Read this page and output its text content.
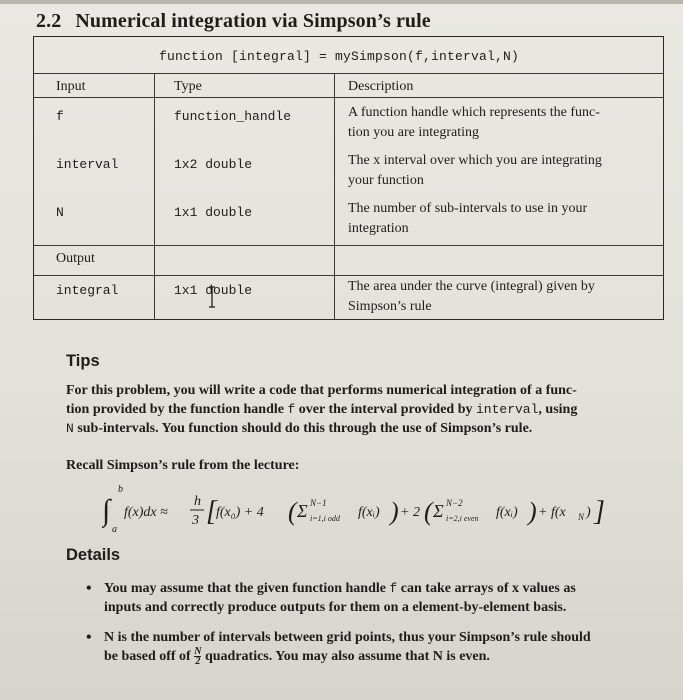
2.2 Numerical integration via Simpson’s rule
function [integral] = mySimpson(f,interval,N)
Input	Type	Description
f	function_handle	A function handle which represents the func-
tion you are integrating
interval	1x2 double	The x interval over which you are integrating
your function
N	1x1 double	The number of sub-intervals to use in your
integration
Output
integral	1x1 double	The area under the curve (integral) given by
Simpson’s rule
Tips
For this problem, you will write a code that performs numerical integration of a func-
tion provided by the function handle f over the interval provided by interval, using
N sub-intervals. You function should do this through the use of Simpson’s rule.
Recall Simpson’s rule from the lecture:
∫
b
a
f(x)dx ≈
h
3 [ f(x₀) + 4 ( Σ N−1
i=1,i odd f(xᵢ) ) + 2 ( Σ N−2
i=2,i even f(xᵢ) ) + f(x N ) ]
Details
• You may assume that the given function handle f can take arrays of x values as
inputs and correctly produce outputs for them on a element-by-element basis.
• N is the number of intervals between grid points, thus your Simpson’s rule should
be based off of $\frac{N}{2}$ quadratics. You may also assume that N is even.
